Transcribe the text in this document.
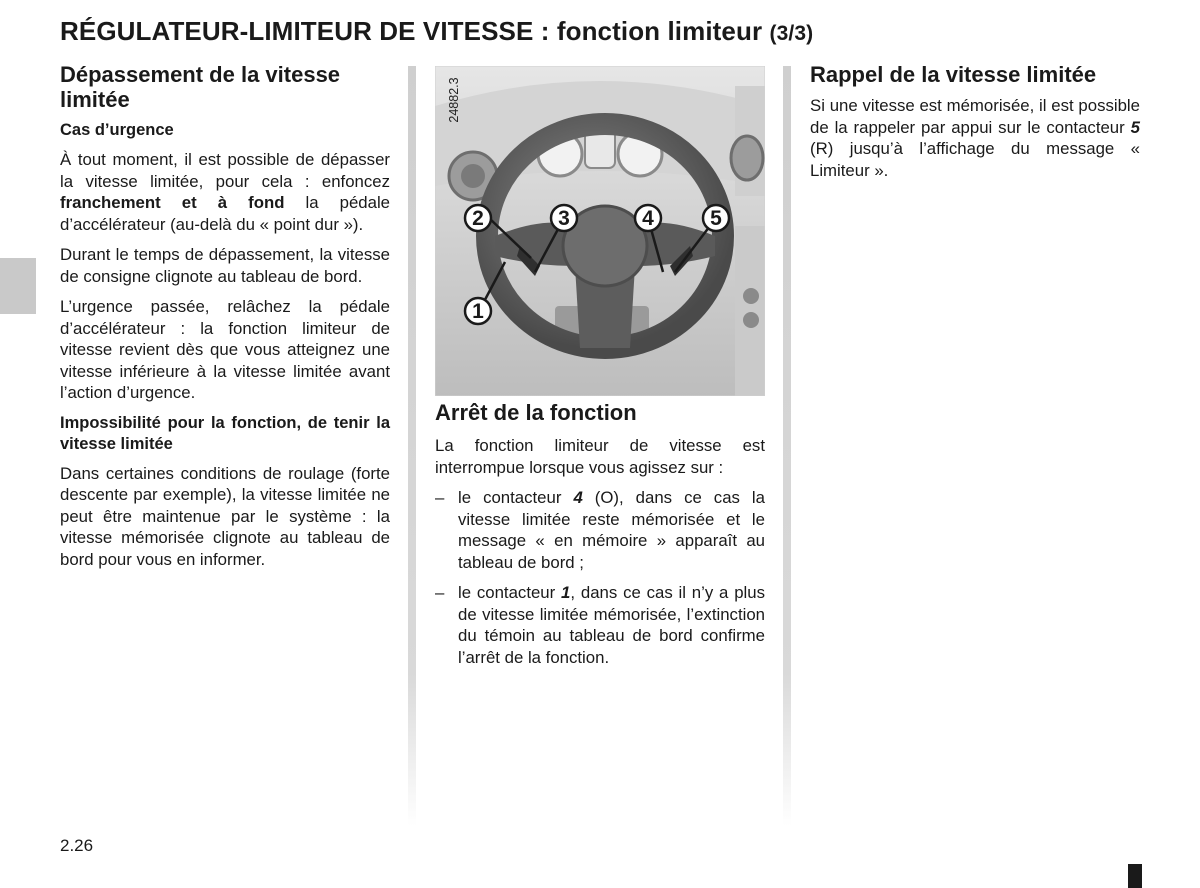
RÉGULATEUR-LIMITEUR DE VITESSE : fonction limiteur (3/3)
Dépassement de la vitesse limitée
Cas d’urgence

À tout moment, il est possible de dépasser la vitesse limitée, pour cela : enfoncez franchement et à fond la pédale d’accélérateur (au-delà du « point dur »).

Durant le temps de dépassement, la vitesse de consigne clignote au tableau de bord.

L’urgence passée, relâchez la pédale d’accélérateur : la fonction limiteur de vitesse revient dès que vous atteignez une vitesse inférieure à la vitesse limitée avant l’action d’urgence.

Impossibilité pour la fonction, de tenir la vitesse limitée

Dans certaines conditions de roulage (forte descente par exemple), la vitesse limitée ne peut être maintenue par le système : la vitesse mémorisée clignote au tableau de bord pour vous en informer.

2	3	4	5
1
24882.3
Arrêt de la fonction

La fonction limiteur de vitesse est interrompue lorsque vous agissez sur :

– le contacteur 4 (O), dans ce cas la vitesse limitée reste mémorisée et le message « en mémoire » apparaît au tableau de bord ;
– le contacteur 1, dans ce cas il n’y a plus de vitesse limitée mémorisée, l’extinction du témoin au tableau de bord confirme l’arrêt de la fonction.
Rappel de la vitesse limitée

Si une vitesse est mémorisée, il est possible de la rappeler par appui sur le contacteur 5 (R) jusqu’à l’affichage du message « Limiteur ».

2.26
